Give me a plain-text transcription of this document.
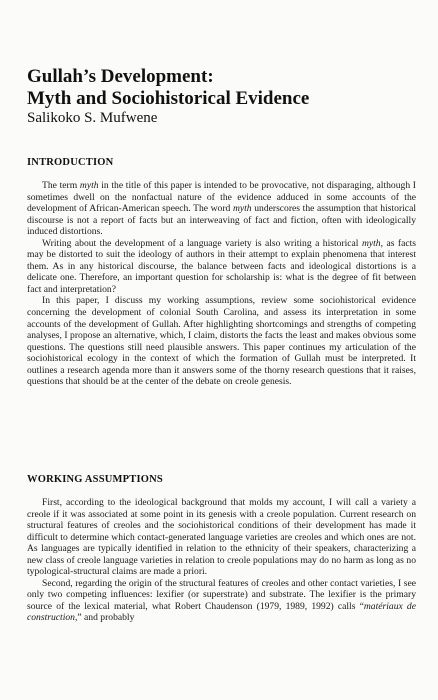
Gullah’s Development:
Myth and Sociohistorical Evidence

Salikoko S. Mufwene

INTRODUCTION

The term myth in the title of this paper is intended to be provocative, not disparaging, although I sometimes dwell on the nonfactual nature of the evidence adduced in some accounts of the development of African-American speech. The word myth underscores the assumption that historical discourse is not a report of facts but an interweaving of fact and fiction, often with ideologically induced distortions.

Writing about the development of a language variety is also writing a historical myth, as facts may be distorted to suit the ideology of authors in their attempt to explain phenomena that interest them. As in any historical discourse, the balance between facts and ideological distortions is a delicate one. Therefore, an important question for scholarship is: what is the degree of fit between fact and interpretation?

In this paper, I discuss my working assumptions, review some sociohistorical evidence concerning the development of colonial South Carolina, and assess its interpretation in some accounts of the development of Gullah. After highlighting shortcomings and strengths of competing analyses, I propose an alternative, which, I claim, distorts the facts the least and makes obvious some questions. The questions still need plausible answers. This paper continues my articulation of the sociohistorical ecology in the context of which the formation of Gullah must be interpreted. It outlines a research agenda more than it answers some of the thorny research questions that it raises, questions that should be at the center of the debate on creole genesis.

WORKING ASSUMPTIONS

First, according to the ideological background that molds my account, I will call a variety a creole if it was associated at some point in its genesis with a creole population. Current research on structural features of creoles and the sociohistorical conditions of their development has made it difficult to determine which contact-generated language varieties are creoles and which ones are not. As languages are typically identified in relation to the ethnicity of their speakers, characterizing a new class of creole language varieties in relation to creole populations may do no harm as long as no typological-structural claims are made a priori.

Second, regarding the origin of the structural features of creoles and other contact varieties, I see only two competing influences: lexifier (or superstrate) and substrate. The lexifier is the primary source of the lexical material, what Robert Chaudenson (1979, 1989, 1992) calls “matériaux de construction,” and probably
